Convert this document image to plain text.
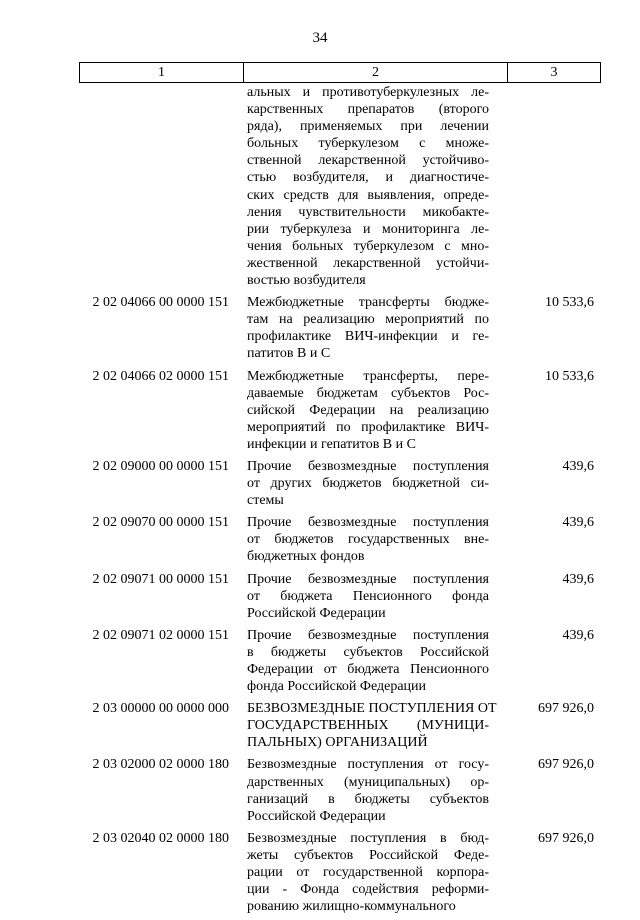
34
1	2	3
альных и противотуберкулезных ле-
карственных препаратов (второго
ряда), применяемых при лечении
больных туберкулезом с множе-
ственной лекарственной устойчиво-
стью возбудителя, и диагностиче-
ских средств для выявления, опреде-
ления чувствительности микобакте-
рии туберкулеза и мониторинга ле-
чения больных туберкулезом с мно-
жественной лекарственной устойчи-
востью возбудителя
2 02 04066 00 0000 151	Межбюджетные трансферты бюдже-
там на реализацию мероприятий по
профилактике ВИЧ-инфекции и ге-
патитов В и С
10 533,6
2 02 04066 02 0000 151	Межбюджетные трансферты, пере-
даваемые бюджетам субъектов Рос-
сийской Федерации на реализацию
мероприятий по профилактике ВИЧ-
инфекции и гепатитов В и С
10 533,6
2 02 09000 00 0000 151	Прочие безвозмездные поступления
от других бюджетов бюджетной си-
стемы
439,6
2 02 09070 00 0000 151	Прочие безвозмездные поступления
от бюджетов государственных вне-
бюджетных фондов
439,6
2 02 09071 00 0000 151	Прочие безвозмездные поступления
от бюджета Пенсионного фонда
Российской Федерации
439,6
2 02 09071 02 0000 151	Прочие безвозмездные поступления
в бюджеты субъектов Российской
Федерации от бюджета Пенсионного
фонда Российской Федерации
439,6
2 03 00000 00 0000 000	БЕЗВОЗМЕЗДНЫЕ ПОСТУПЛЕНИЯ ОТ
ГОСУДАРСТВЕННЫХ (МУНИЦИ-
ПАЛЬНЫХ) ОРГАНИЗАЦИЙ
697 926,0
2 03 02000 02 0000 180	Безвозмездные поступления от госу-
дарственных (муниципальных) ор-
ганизаций в бюджеты субъектов
Российской Федерации
697 926,0
2 03 02040 02 0000 180	Безвозмездные поступления в бюд-
жеты субъектов Российской Феде-
рации от государственной корпора-
ции - Фонда содействия реформи-
рованию жилищно-коммунального
697 926,0
